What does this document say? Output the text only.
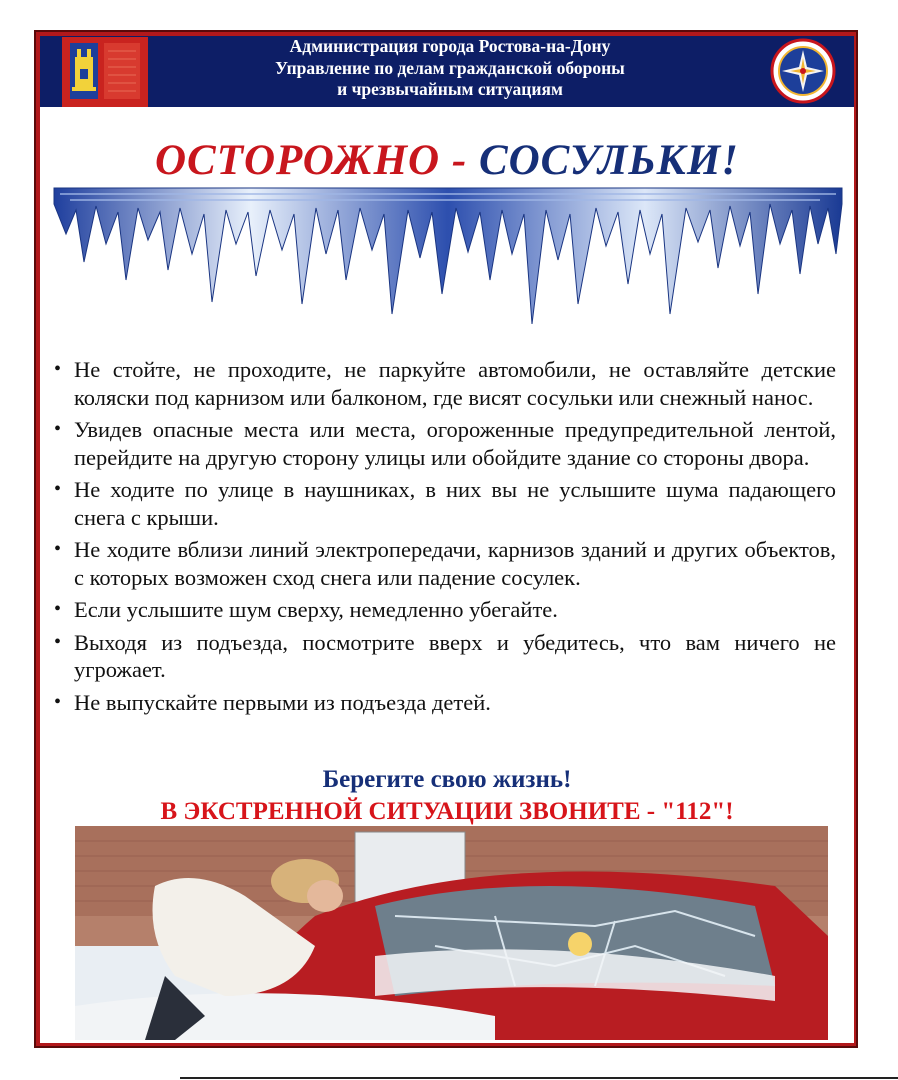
Администрация города Ростова-на-Дону
Управление по делам гражданской обороны
и чрезвычайным ситуациям
предупреждают:
ОСТОРОЖНО - СОСУЛЬКИ!
• Не стойте, не проходите, не паркуйте автомобили, не оставляйте детские коляски под карнизом или балконом, где висят сосульки или снежный нанос.
• Увидев опасные места или места, огороженные предупредительной лентой, перейдите на другую сторону улицы или обойдите здание со стороны двора.
• Не ходите по улице в наушниках, в них вы не услышите шума падающего снега с крыши.
• Не ходите вблизи линий электропередачи, карнизов зданий и других объектов, с которых возможен сход снега или падение сосулек.
• Если услышите шум сверху, немедленно убегайте.
• Выходя из подъезда, посмотрите вверх и убедитесь, что вам ничего не угрожает.
• Не выпускайте первыми из подъезда детей.
Берегите свою жизнь!
В ЭКСТРЕННОЙ СИТУАЦИИ ЗВОНИТЕ - "112"!
